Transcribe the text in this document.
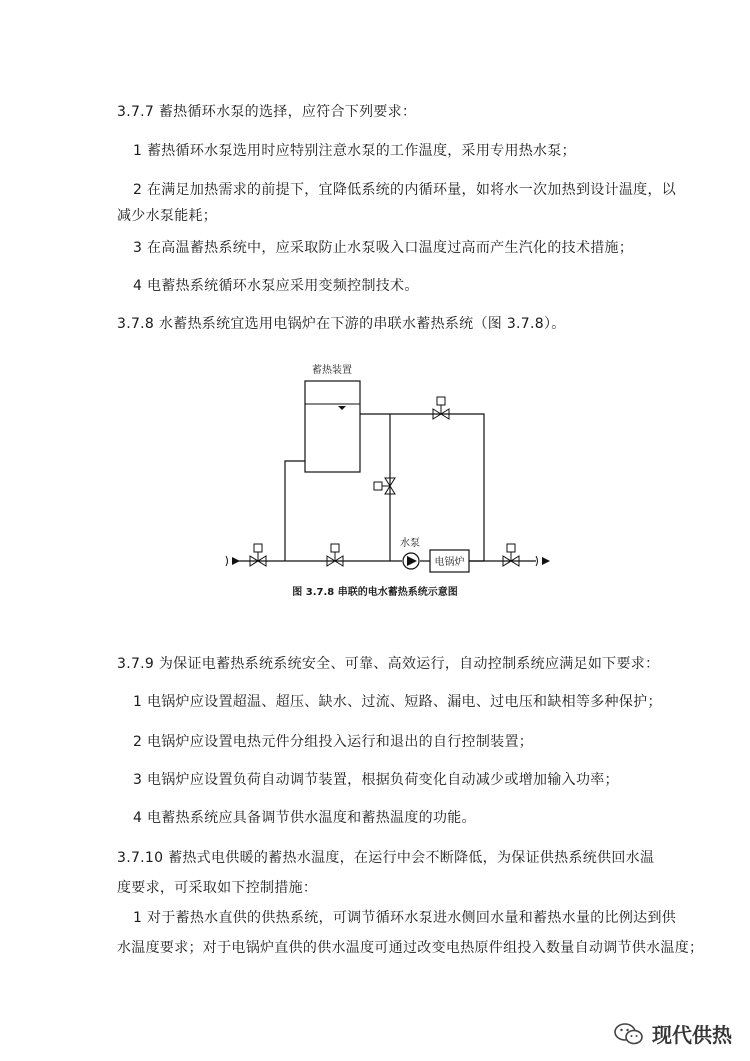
3.7.7 蓄热循环水泵的选择，应符合下列要求：
1 蓄热循环水泵选用时应特别注意水泵的工作温度，采用专用热水泵；
2 在满足加热需求的前提下，宜降低系统的内循环量，如将水一次加热到设计温度，以
减少水泵能耗；
3 在高温蓄热系统中，应采取防止水泵吸入口温度过高而产生汽化的技术措施；
4 电蓄热系统循环水泵应采用变频控制技术。
3.7.8 水蓄热系统宜选用电锅炉在下游的串联水蓄热系统（图 3.7.8）。
蓄热装置
水泵
电锅炉
图 3.7.8 串联的电水蓄热系统示意图
3.7.9 为保证电蓄热系统系统安全、可靠、高效运行，自动控制系统应满足如下要求：
1 电锅炉应设置超温、超压、缺水、过流、短路、漏电、过电压和缺相等多种保护；
2 电锅炉应设置电热元件分组投入运行和退出的自行控制装置；
3 电锅炉应设置负荷自动调节装置，根据负荷变化自动减少或增加输入功率；
4 电蓄热系统应具备调节供水温度和蓄热温度的功能。
3.7.10 蓄热式电供暖的蓄热水温度，在运行中会不断降低，为保证供热系统供回水温
度要求，可采取如下控制措施：
1 对于蓄热水直供的供热系统，可调节循环水泵进水侧回水量和蓄热水量的比例达到供
水温度要求；对于电锅炉直供的供水温度可通过改变电热原件组投入数量自动调节供水温度；
现代供热
